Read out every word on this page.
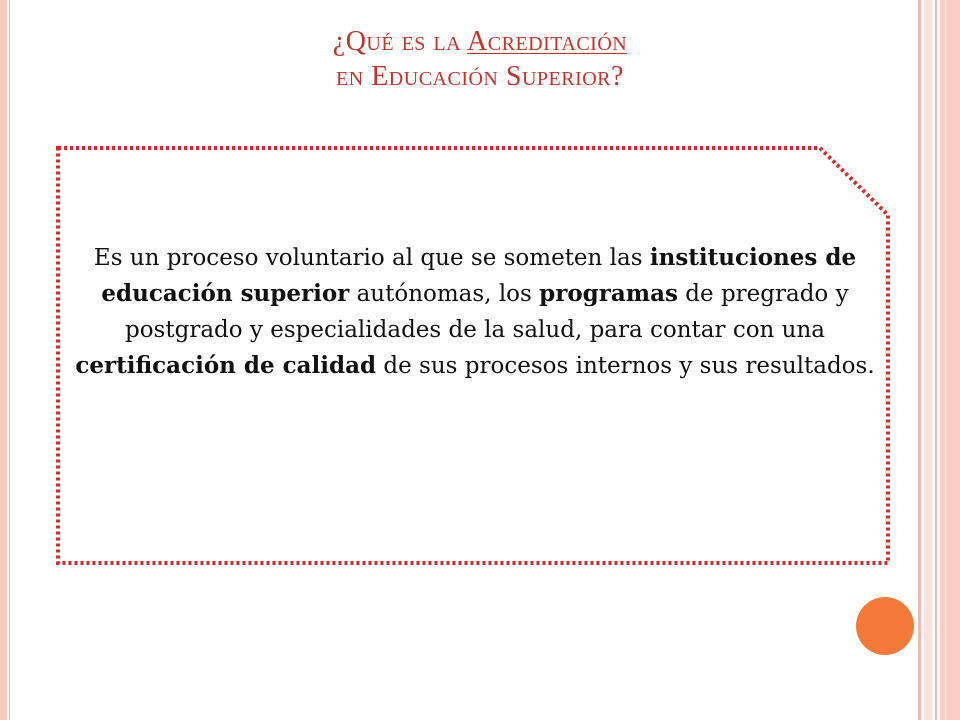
¿Qué es la Acreditación
en Educación Superior?
Es un proceso voluntario al que se someten las instituciones de educación superior autónomas, los programas de pregrado y postgrado y especialidades de la salud, para contar con una certificación de calidad de sus procesos internos y sus resultados.
